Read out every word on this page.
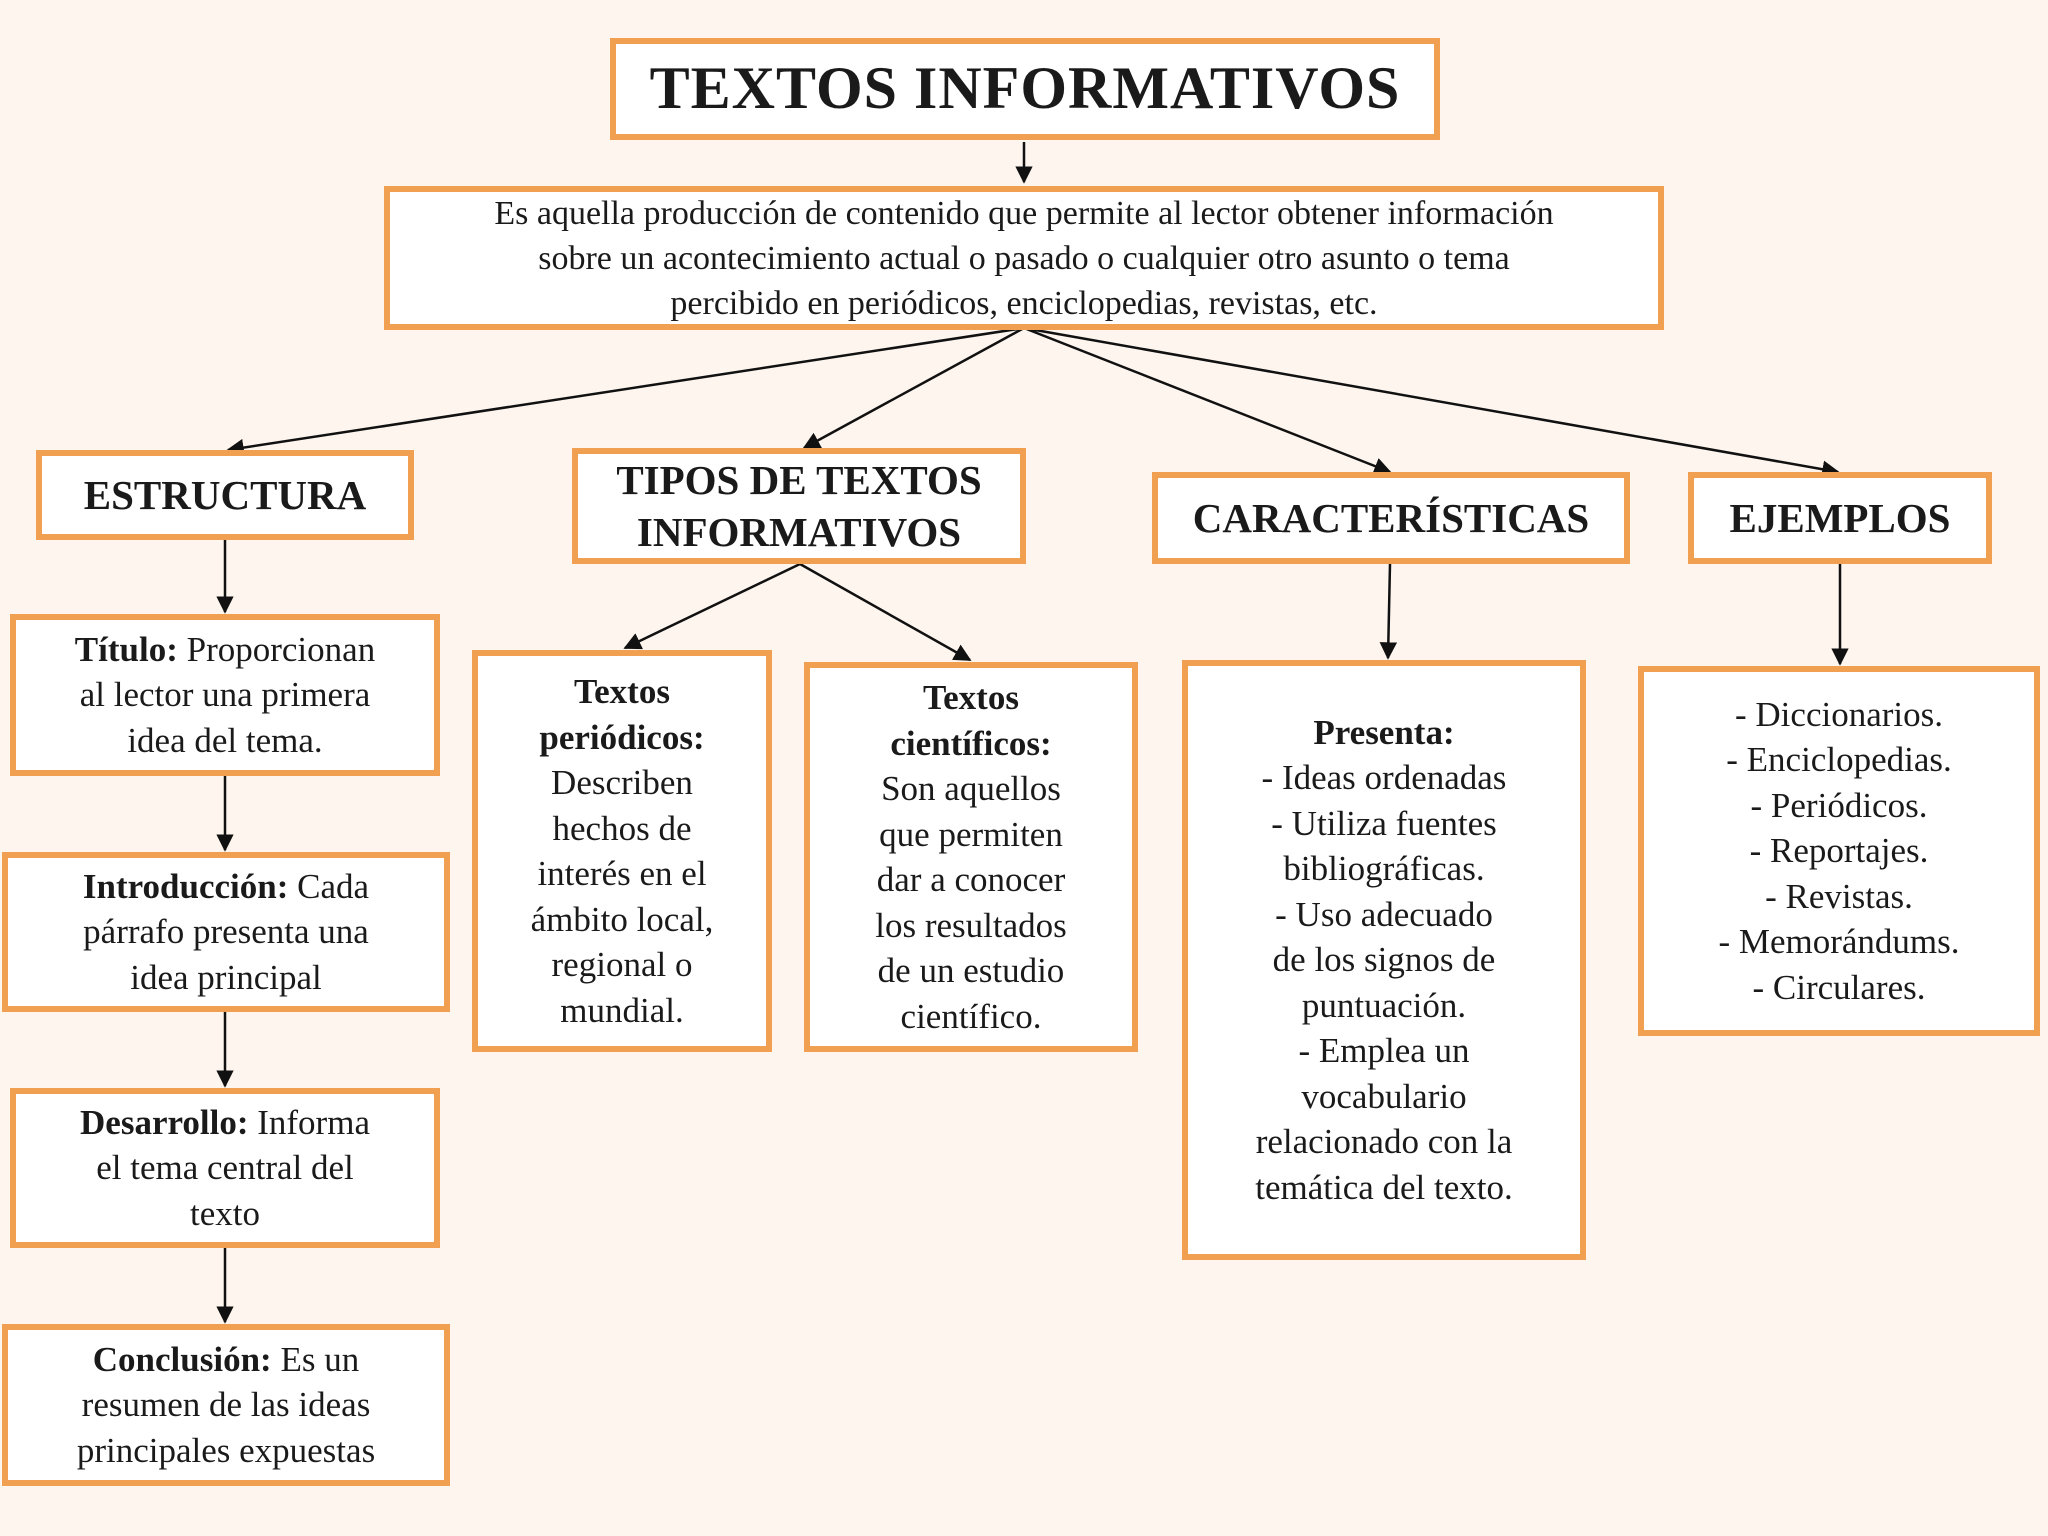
TEXTOS INFORMATIVOS
Es aquella producción de contenido que permite al lector obtener información
sobre un acontecimiento actual o pasado o cualquier otro asunto o tema
percibido en periódicos, enciclopedias, revistas, etc.
ESTRUCTURA	TIPOS DE TEXTOS
INFORMATIVOS	CARACTERÍSTICAS	EJEMPLOS
Título: Proporcionan
al lector una primera
idea del tema.
Introducción: Cada
párrafo presenta una
idea principal
Desarrollo: Informa
el tema central del
texto
Conclusión: Es un
resumen de las ideas
principales expuestas
Textos
periódicos:
Describen
hechos de
interés en el
ámbito local,
regional o
mundial.
Textos
científicos:
Son aquellos
que permiten
dar a conocer
los resultados
de un estudio
científico.
Presenta:
- Ideas ordenadas
- Utiliza fuentes
bibliográficas.
- Uso adecuado
de los signos de
puntuación.
- Emplea un
vocabulario
relacionado con la
temática del texto.
- Diccionarios.
- Enciclopedias.
- Periódicos.
- Reportajes.
- Revistas.
- Memorándums.
- Circulares.
